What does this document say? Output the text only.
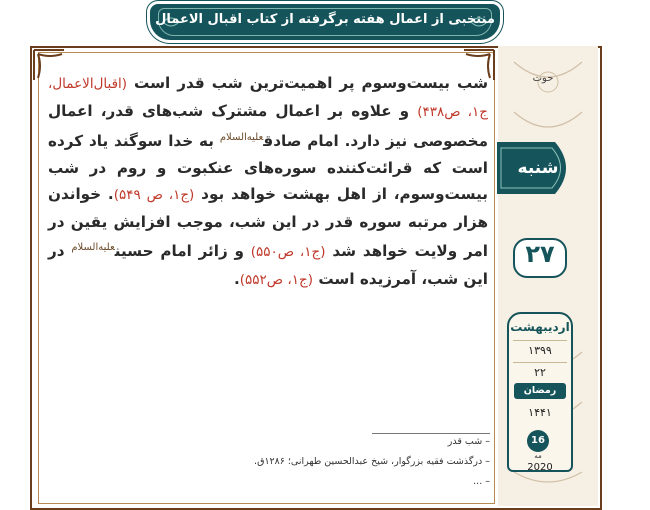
منتخبی از اعمال هفته برگرفته از کتاب اقبال الاعمال
شب بیست‌وسوم پر اهمیت‌ترین شب قدر است (اقبال‌الاعمال، ج۱، ص۴۳۸) و علاوه بر اعمال مشترک شب‌های قدر، اعمال مخصوصی نیز دارد. امام صادق$^{علیه‌السلام}$ به خدا سوگند یاد کرده است که قرائت‌کننده سوره‌های عنکبوت و روم در شب بیست‌وسوم، از اهل بهشت خواهد بود (ج۱، ص ۵۴۹). خواندن هزار مرتبه سوره قدر در این شب، موجب افزایش یقین در امر ولایت خواهد شد (ج۱، ص۵۵۰) و زائر امام حسین$^{علیه‌السلام}$ در این شب، آمرزیده است (ج۱، ص۵۵۲).
– شب قدر
– درگذشت فقیه بزرگوار، شیخ عبدالحسین طهرانی؛ ۱۲۸۶ق.
– ...
حوت
شنبه
۲۷
اردیبهشت
۱۳۹۹
۲۲
رمضان
۱۴۴۱
16
مه
2020
